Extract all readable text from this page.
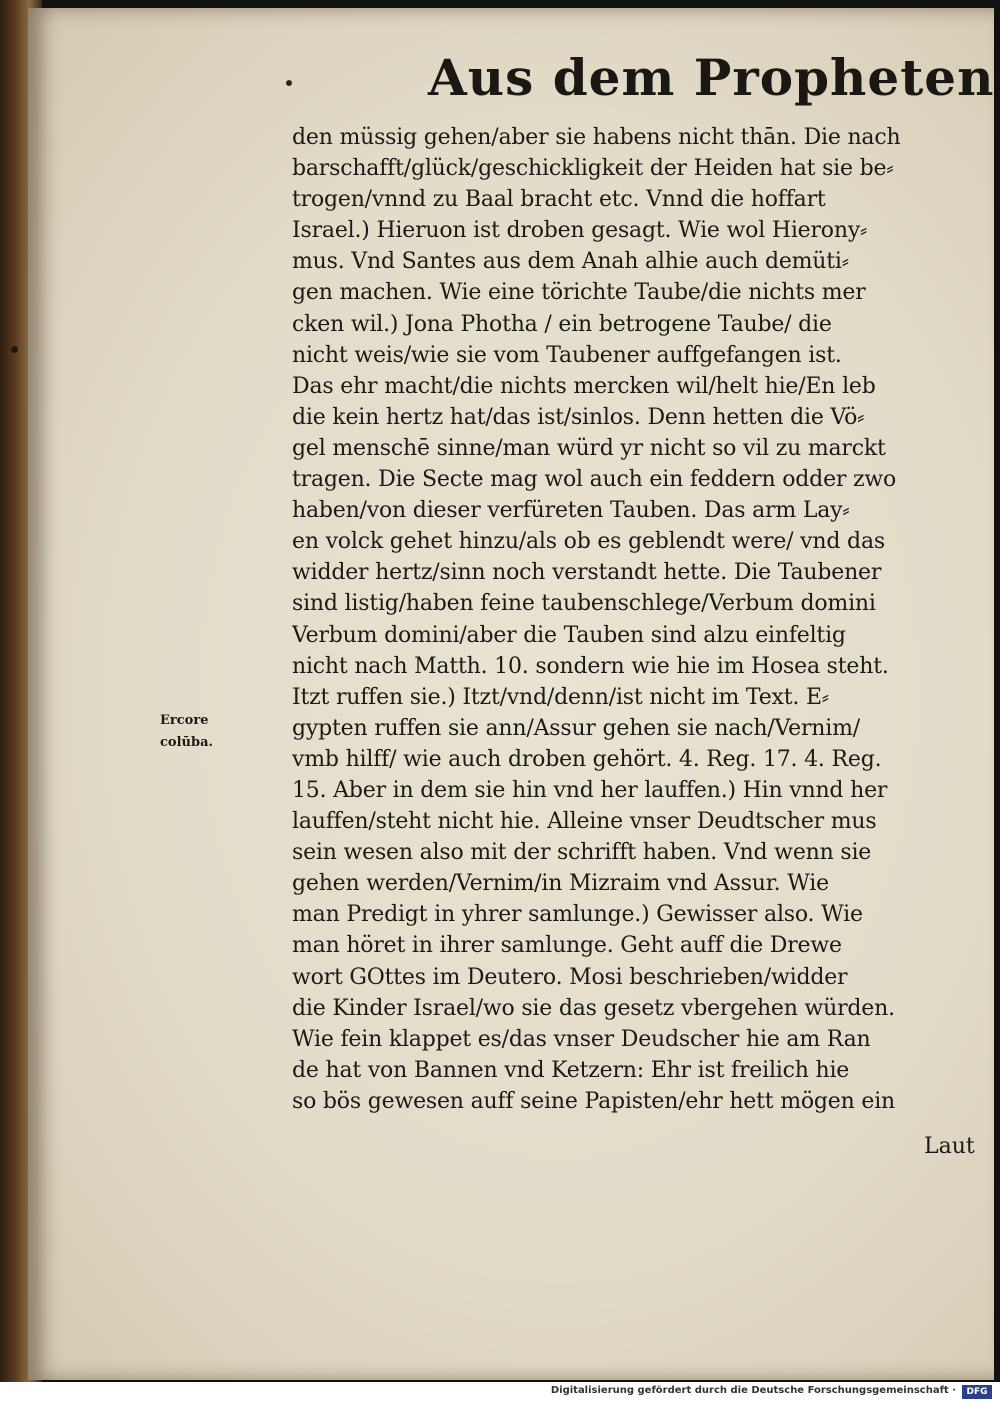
Aus dem Propheten
Ercore
colūba.
den müssig gehen/aber sie habens nicht thān. Die nach
barschafft/glück/geschickligkeit der Heiden hat sie be⸗
trogen/vnnd zu Baal bracht etc. Vnnd die hoffart
Israel.) Hieruon ist droben gesagt. Wie wol Hierony⸗
mus. Vnd Santes aus dem Anah alhie auch demüti⸗
gen machen. Wie eine törichte Taube/die nichts mer
cken wil.) Jona Photha / ein betrogene Taube/ die
nicht weis/wie sie vom Taubener auffgefangen ist.
Das ehr macht/die nichts mercken wil/helt hie/En leb
die kein hertz hat/das ist/sinlos. Denn hetten die Vö⸗
gel menschē sinne/man würd yr nicht so vil zu marckt
tragen. Die Secte mag wol auch ein feddern odder zwo
haben/von dieser verfüreten Tauben. Das arm Lay⸗
en volck gehet hinzu/als ob es geblendt were/ vnd das
widder hertz/sinn noch verstandt hette. Die Taubener
sind listig/haben feine taubenschlege/Verbum domini
Verbum domini/aber die Tauben sind alzu einfeltig
nicht nach Matth. 10. sondern wie hie im Hosea steht.
Itzt ruffen sie.) Itzt/vnd/denn/ist nicht im Text. E⸗
gypten ruffen sie ann/Assur gehen sie nach/Vernim/
vmb hilff/ wie auch droben gehört. 4. Reg. 17. 4. Reg.
15. Aber in dem sie hin vnd her lauffen.) Hin vnnd her
lauffen/steht nicht hie. Alleine vnser Deudtscher mus
sein wesen also mit der schrifft haben. Vnd wenn sie
gehen werden/Vernim/in Mizraim vnd Assur. Wie
man Predigt in yhrer samlunge.) Gewisser also. Wie
man höret in ihrer samlunge. Geht auff die Drewe
wort GOttes im Deutero. Mosi beschrieben/widder
die Kinder Israel/wo sie das gesetz vbergehen würden.
Wie fein klappet es/das vnser Deudscher hie am Ran
de hat von Bannen vnd Ketzern: Ehr ist freilich hie
so bös gewesen auff seine Papisten/ehr hett mögen ein
Laut
Digitalisierung gefördert durch die Deutsche Forschungsgemeinschaft ·	DFG
